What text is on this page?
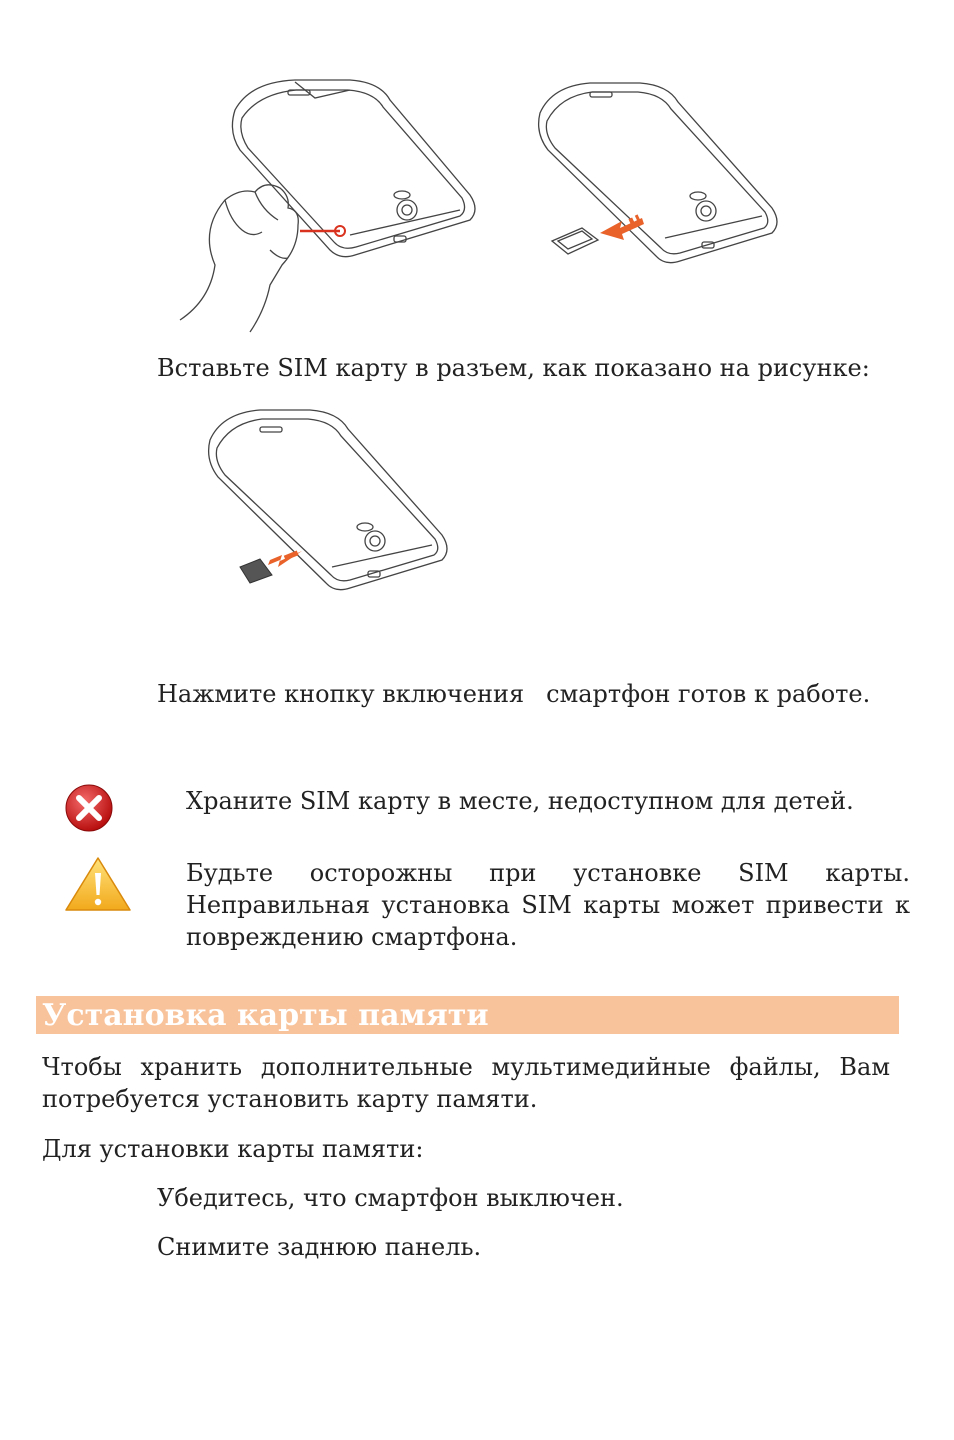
Вставьте SIM карту в разъем, как показано на рисунке:
Нажмите кнопку включения смартфон готов к работе.
Храните SIM карту в месте, недоступном для детей.
Будьте осторожны при установке SIM карты.
Неправильная установка SIM карты может привести к повреждению смартфона.
Установка карты памяти
Чтобы хранить дополнительные мультимедийные файлы, Вам потребуется установить карту памяти.
Для установки карты памяти:
Убедитесь, что смартфон выключен.
Снимите заднюю панель.
